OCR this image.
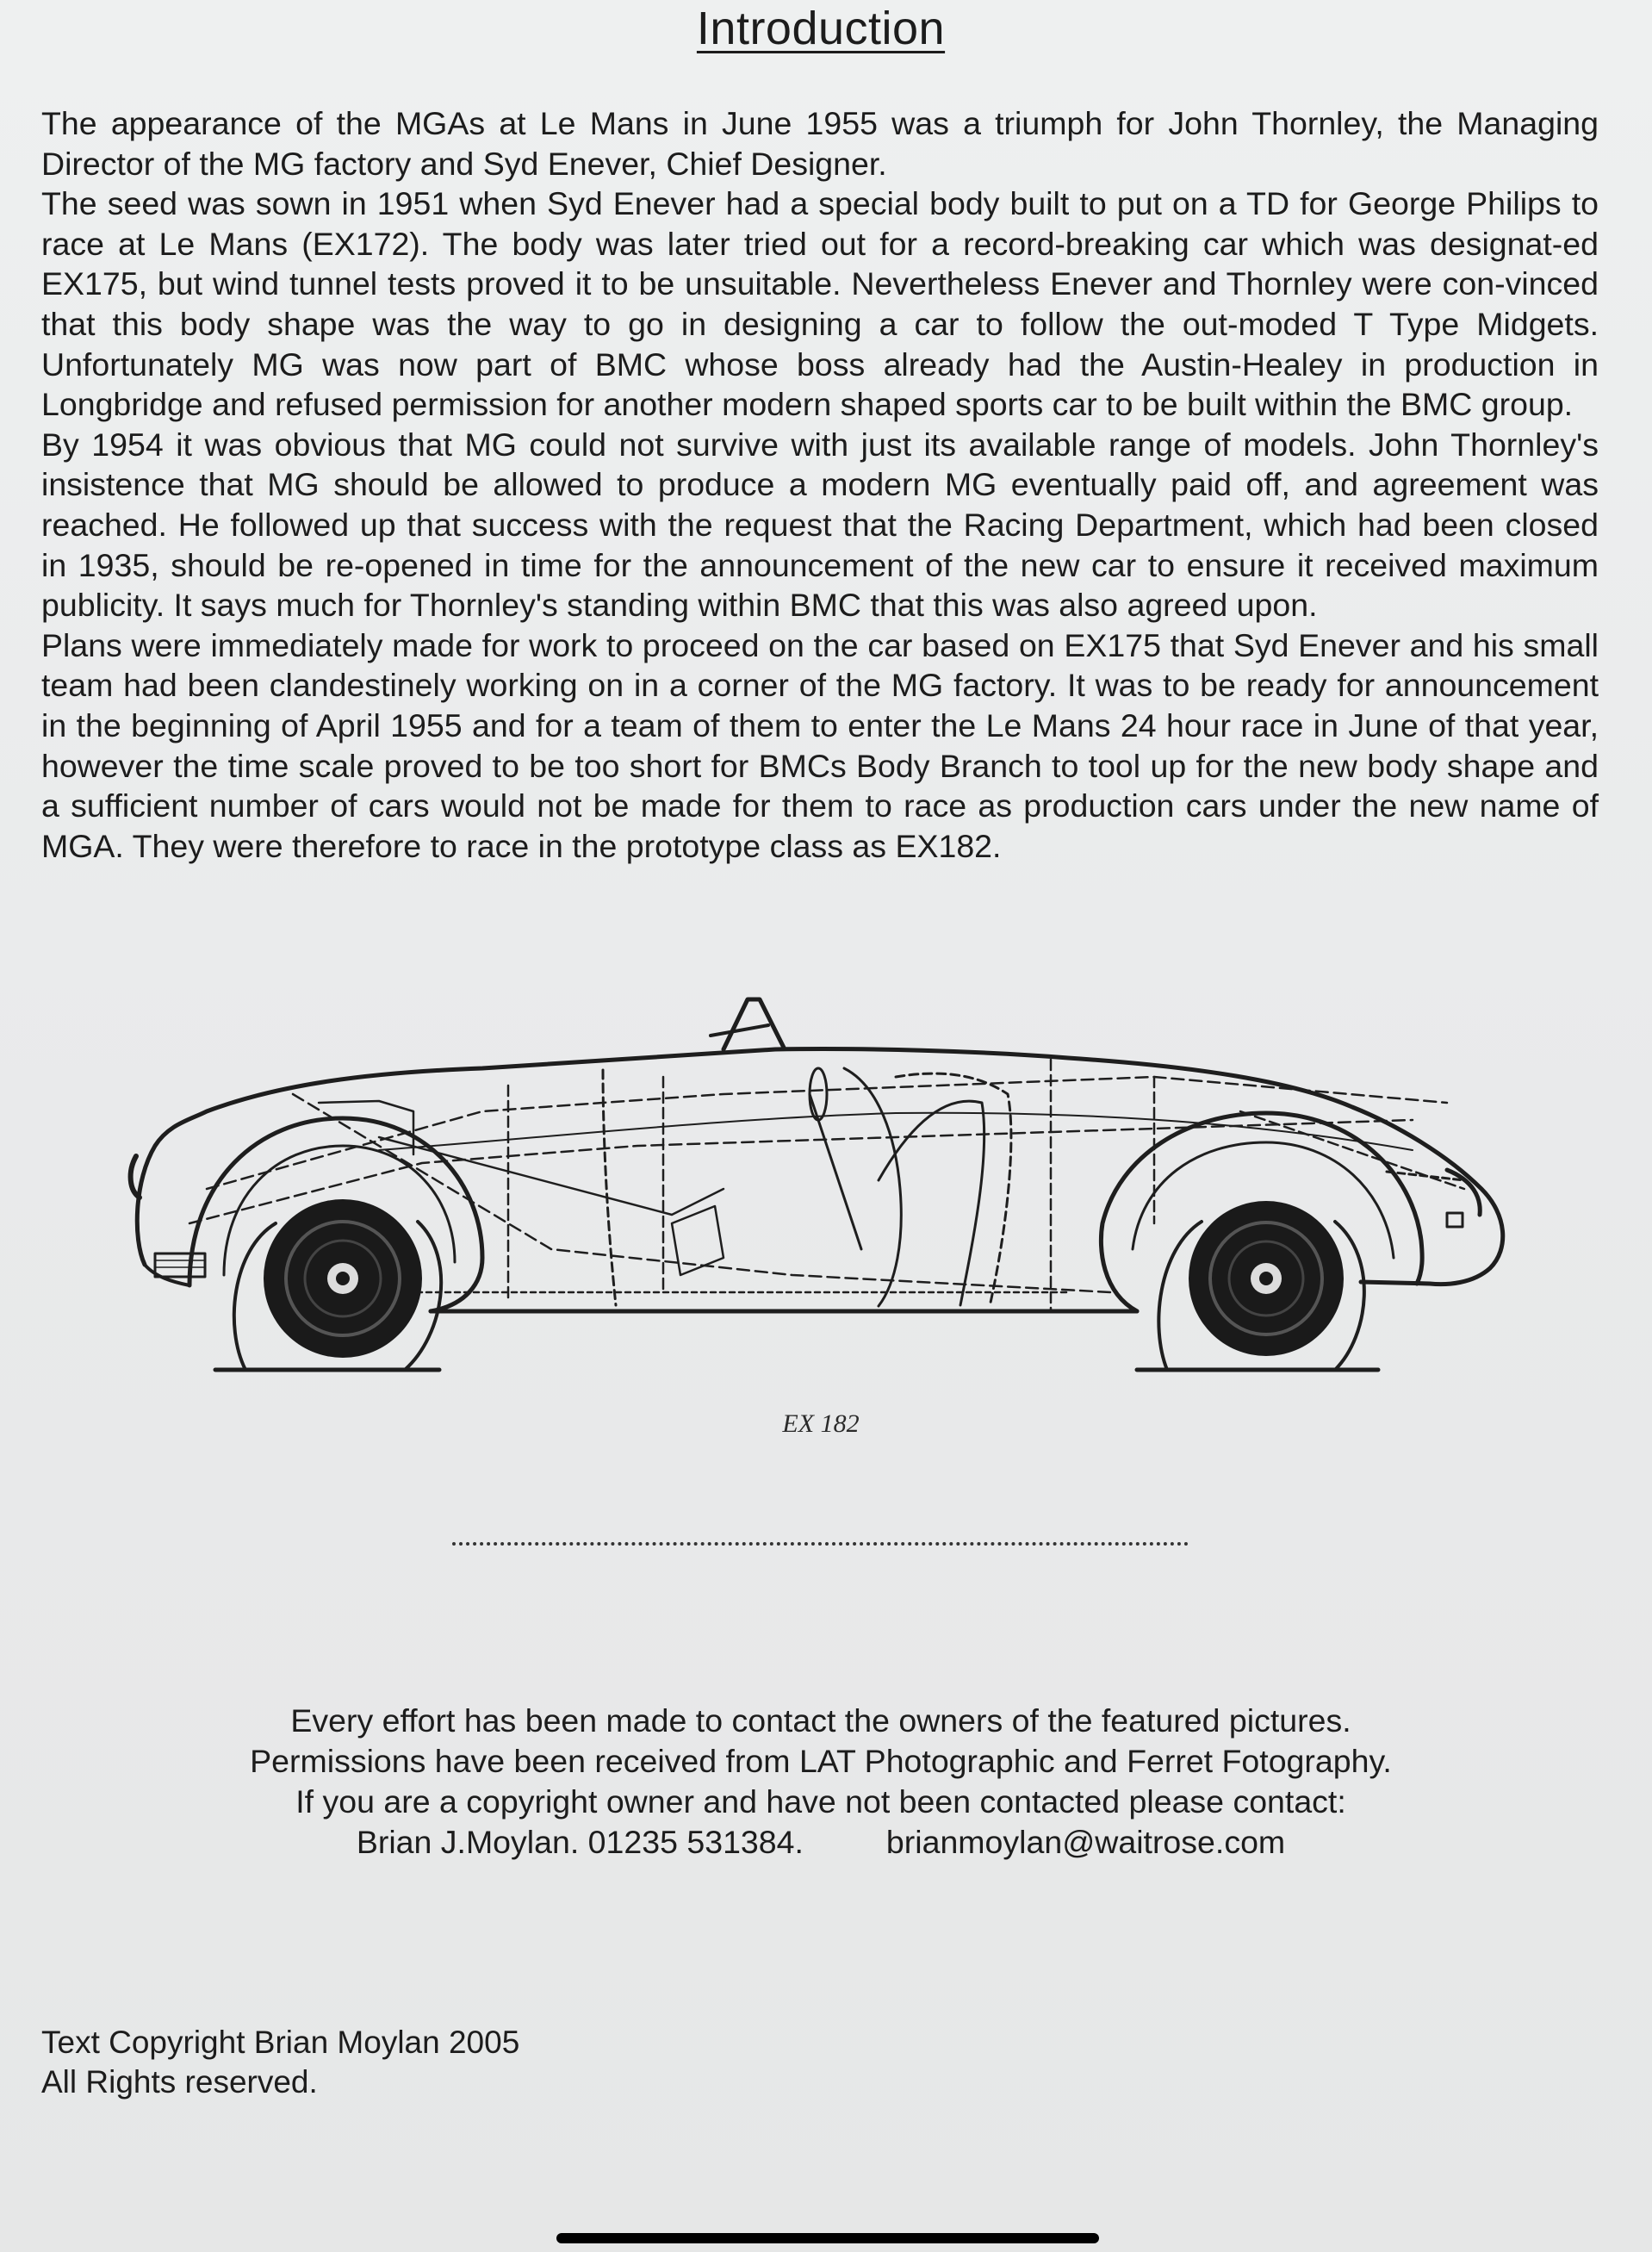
Introduction

The appearance of the MGAs at Le Mans in June 1955 was a triumph for John Thornley, the Managing Director of the MG factory and Syd Enever, Chief Designer.

The seed was sown in 1951 when Syd Enever had a special body built to put on a TD for George Philips to race at Le Mans (EX172). The body was later tried out for a record-breaking car which was designat-ed EX175, but wind tunnel tests proved it to be unsuitable. Nevertheless Enever and Thornley were con-vinced that this body shape was the way to go in designing a car to follow the out-moded T Type Midgets. Unfortunately MG was now part of BMC whose boss already had the Austin-Healey in production in Longbridge and refused permission for another modern shaped sports car to be built within the BMC group.

By 1954 it was obvious that MG could not survive with just its available range of models. John Thornley's insistence that MG should be allowed to produce a modern MG eventually paid off, and agreement was reached. He followed up that success with the request that the Racing Department, which had been closed in 1935, should be re-opened in time for the announcement of the new car to ensure it received maximum publicity. It says much for Thornley's standing within BMC that this was also agreed upon.

Plans were immediately made for work to proceed on the car based on EX175 that Syd Enever and his small team had been clandestinely working on in a corner of the MG factory. It was to be ready for announcement in the beginning of April 1955 and for a team of them to enter the Le Mans 24 hour race in June of that year, however the time scale proved to be too short for BMCs Body Branch to tool up for the new body shape and a sufficient number of cars would not be made for them to race as production cars under the new name of MGA. They were therefore to race in the prototype class as EX182.

EX 182
Every effort has been made to contact the owners of the featured pictures.
Permissions have been received from LAT Photographic and Ferret Fotography.
If you are a copyright owner and have not been contacted please contact:
Brian J.Moylan. 01235 531384.	brianmoylan@waitrose.com
Text Copyright Brian Moylan 2005
All Rights reserved.
